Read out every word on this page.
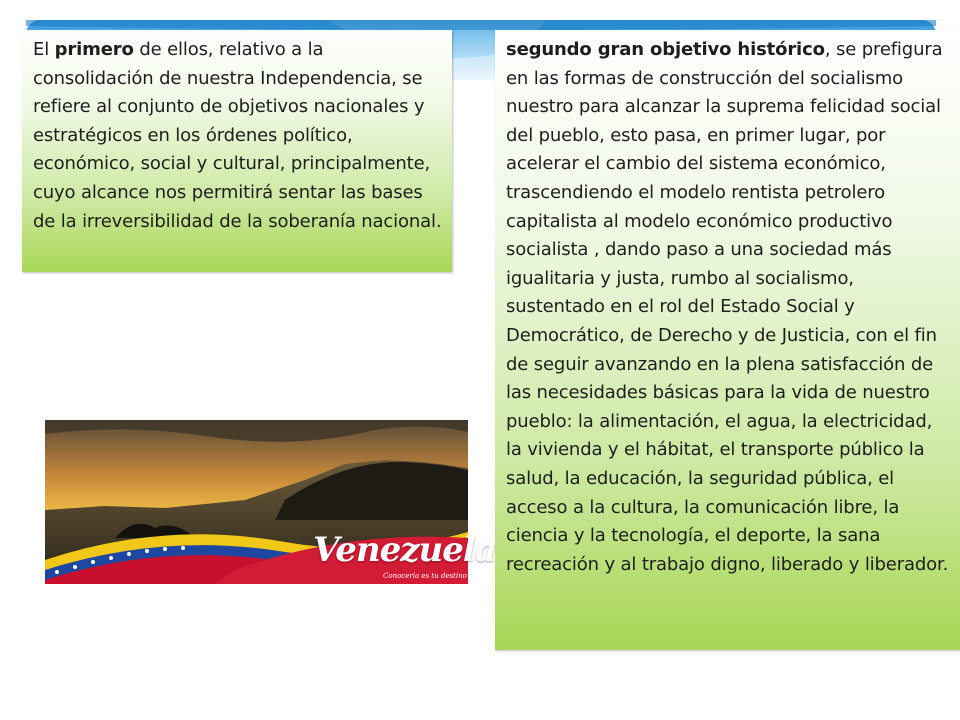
El primero de ellos, relativo a la consolidación de nuestra Independencia, se refiere al conjunto de objetivos nacionales y estratégicos en los órdenes político, económico, social y cultural, principalmente, cuyo alcance nos permitirá sentar las bases de la irreversibilidad de la soberanía nacional.

segundo gran objetivo histórico, se prefigura en las formas de construcción del socialismo nuestro para alcanzar la suprema felicidad social del pueblo, esto pasa, en primer lugar, por acelerar el cambio del sistema económico, trascendiendo el modelo rentista petrolero capitalista al modelo económico productivo socialista , dando paso a una sociedad más igualitaria y justa, rumbo al socialismo, sustentado en el rol del Estado Social y Democrático, de Derecho y de Justicia, con el fin de seguir avanzando en la plena satisfacción de las necesidades básicas para la vida de nuestro pueblo: la alimentación, el agua, la electricidad, la vivienda y el hábitat, el transporte público la salud, la educación, la seguridad pública, el acceso a la cultura, la comunicación libre, la ciencia y la tecnología, el deporte, la sana recreación y al trabajo digno, liberado y liberador.

Venezuela
Conocerla es tu destino
